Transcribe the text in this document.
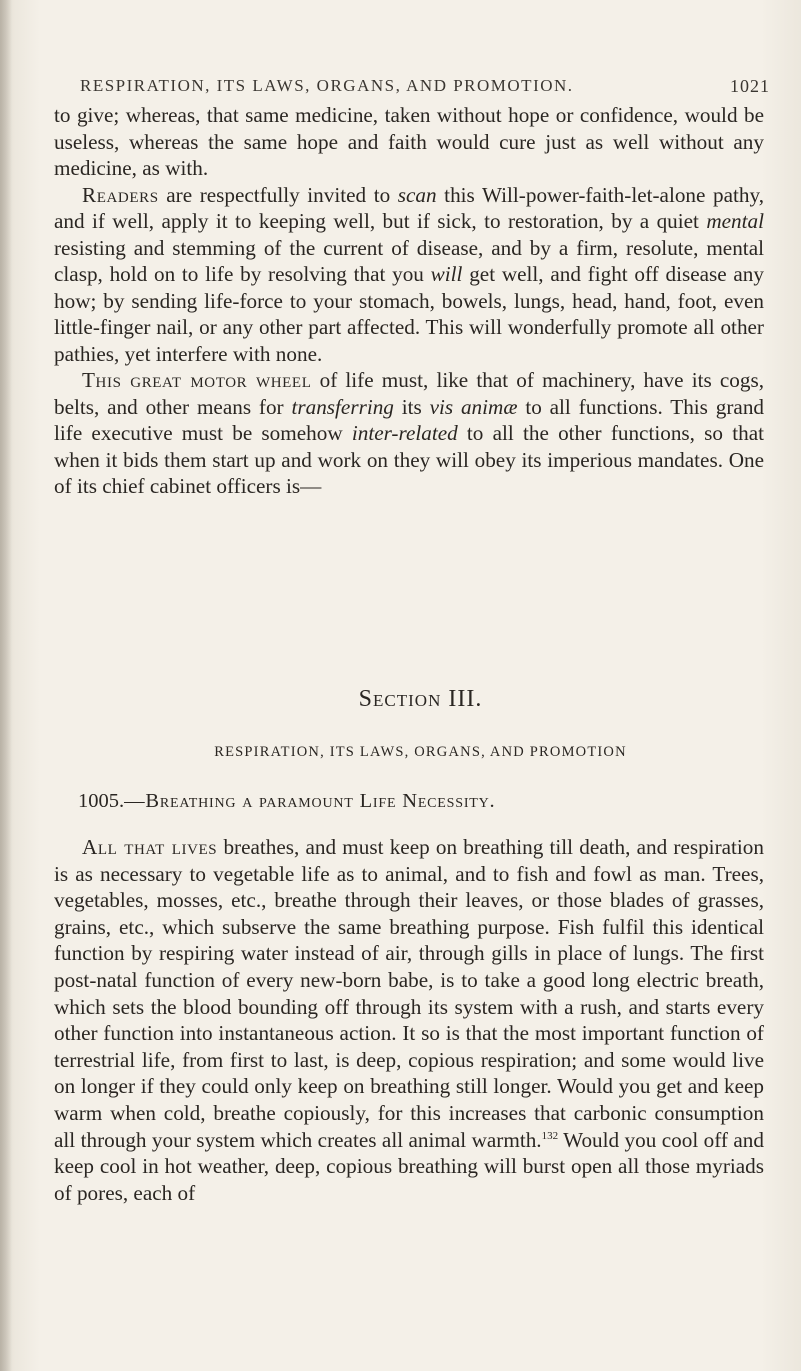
RESPIRATION, ITS LAWS, ORGANS, AND PROMOTION.	1021

to give; whereas, that same medicine, taken without hope or confidence, would be useless, whereas the same hope and faith would cure just as well without any medicine, as with.

Readers are respectfully invited to scan this Will-power-faith-let-alone pathy, and if well, apply it to keeping well, but if sick, to restoration, by a quiet mental resisting and stemming of the current of disease, and by a firm, resolute, mental clasp, hold on to life by resolving that you will get well, and fight off disease any how; by sending life-force to your stomach, bowels, lungs, head, hand, foot, even little-finger nail, or any other part affected. This will wonderfully promote all other pathies, yet interfere with none.

This great motor wheel of life must, like that of machinery, have its cogs, belts, and other means for transferring its vis animæ to all functions. This grand life executive must be somehow inter-related to all the other functions, so that when it bids them start up and work on they will obey its imperious mandates. One of its chief cabinet officers is—

Section III.
RESPIRATION, ITS LAWS, ORGANS, AND PROMOTION
1005.—Breathing a paramount Life Necessity.

All that lives breathes, and must keep on breathing till death, and respiration is as necessary to vegetable life as to animal, and to fish and fowl as man. Trees, vegetables, mosses, etc., breathe through their leaves, or those blades of grasses, grains, etc., which subserve the same breathing purpose. Fish fulfil this identical function by respiring water instead of air, through gills in place of lungs. The first post-natal function of every new-born babe, is to take a good long electric breath, which sets the blood bounding off through its system with a rush, and starts every other function into instantaneous action. It so is that the most important function of terrestrial life, from first to last, is deep, copious respiration; and some would live on longer if they could only keep on breathing still longer. Would you get and keep warm when cold, breathe copiously, for this increases that carbonic consumption all through your system which creates all animal warmth.$^{132}$ Would you cool off and keep cool in hot weather, deep, copious breathing will burst open all those myriads of pores, each of
